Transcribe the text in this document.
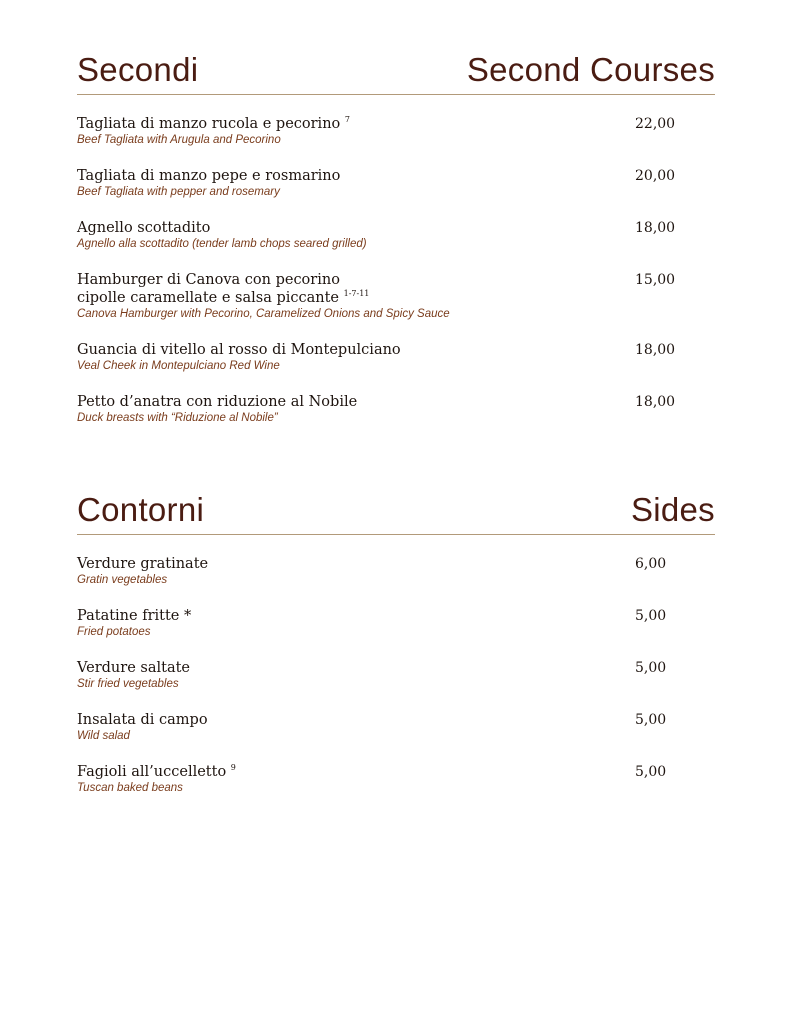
Secondi	Second Courses
Tagliata di manzo rucola e pecorino $^7$
Beef Tagliata with Arugula and Pecorino
22,00
Tagliata di manzo pepe e rosmarino
Beef Tagliata with pepper and rosemary
20,00
Agnello scottadito
Agnello alla scottadito (tender lamb chops seared grilled)
18,00
Hamburger di Canova con pecorino
cipolle caramellate e salsa piccante $^{1-7-11}$
Canova Hamburger with Pecorino, Caramelized Onions and Spicy Sauce
15,00
Guancia di vitello al rosso di Montepulciano
Veal Cheek in Montepulciano Red Wine
18,00
Petto d’anatra con riduzione al Nobile
Duck breasts with “Riduzione al Nobile”
18,00
Contorni	Sides
Verdure gratinate
Gratin vegetables
6,00
Patatine fritte *
Fried potatoes
5,00
Verdure saltate
Stir fried vegetables
5,00
Insalata di campo
Wild salad
5,00
Fagioli all’uccelletto $^9$
Tuscan baked beans
5,00
